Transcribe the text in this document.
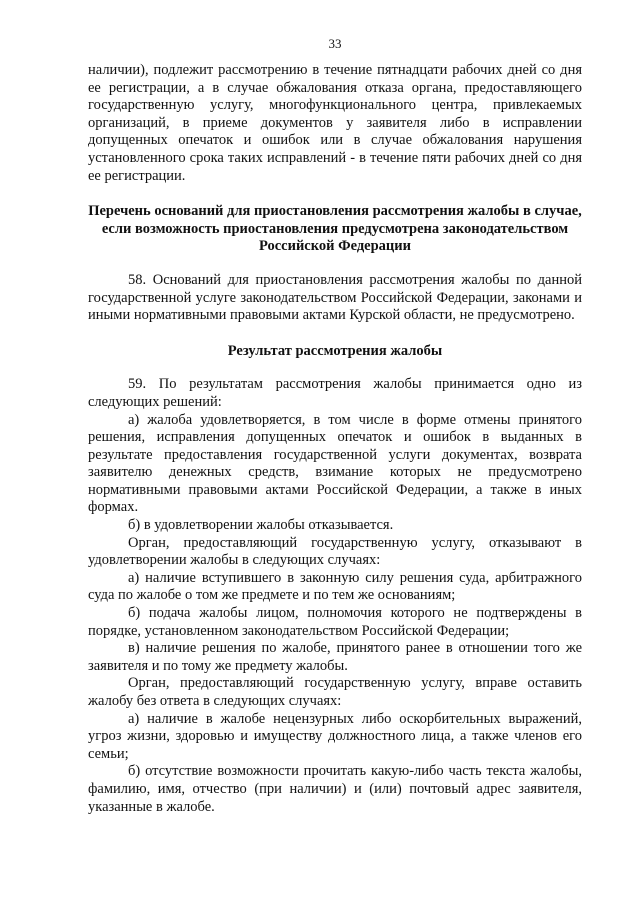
33

наличии), подлежит рассмотрению в течение пятнадцати рабочих дней со дня ее регистрации, а в случае обжалования отказа органа, предоставляющего государственную услугу, многофункционального центра, привлекаемых организаций, в приеме документов у заявителя либо в исправлении допущенных опечаток и ошибок или в случае обжалования нарушения установленного срока таких исправлений - в течение пяти рабочих дней со дня ее регистрации.

Перечень оснований для приостановления рассмотрения жалобы в случае, если возможность приостановления предусмотрена законодательством Российской Федерации

58. Оснований для приостановления рассмотрения жалобы по данной государственной услуге законодательством Российской Федерации, законами и иными нормативными правовыми актами Курской области, не предусмотрено.

Результат рассмотрения жалобы

59. По результатам рассмотрения жалобы принимается одно из следующих решений:

а) жалоба удовлетворяется, в том числе в форме отмены принятого решения, исправления допущенных опечаток и ошибок в выданных в результате предоставления государственной услуги документах, возврата заявителю денежных средств, взимание которых не предусмотрено нормативными правовыми актами Российской Федерации, а также в иных формах.

б) в удовлетворении жалобы отказывается.

Орган, предоставляющий государственную услугу, отказывают в удовлетворении жалобы в следующих случаях:

а) наличие вступившего в законную силу решения суда, арбитражного суда по жалобе о том же предмете и по тем же основаниям;

б) подача жалобы лицом, полномочия которого не подтверждены в порядке, установленном законодательством Российской Федерации;

в) наличие решения по жалобе, принятого ранее в отношении того же заявителя и по тому же предмету жалобы.

Орган, предоставляющий государственную услугу, вправе оставить жалобу без ответа в следующих случаях:

а) наличие в жалобе нецензурных либо оскорбительных выражений, угроз жизни, здоровью и имуществу должностного лица, а также членов его семьи;

б) отсутствие возможности прочитать какую-либо часть текста жалобы, фамилию, имя, отчество (при наличии) и (или) почтовый адрес заявителя, указанные в жалобе.
